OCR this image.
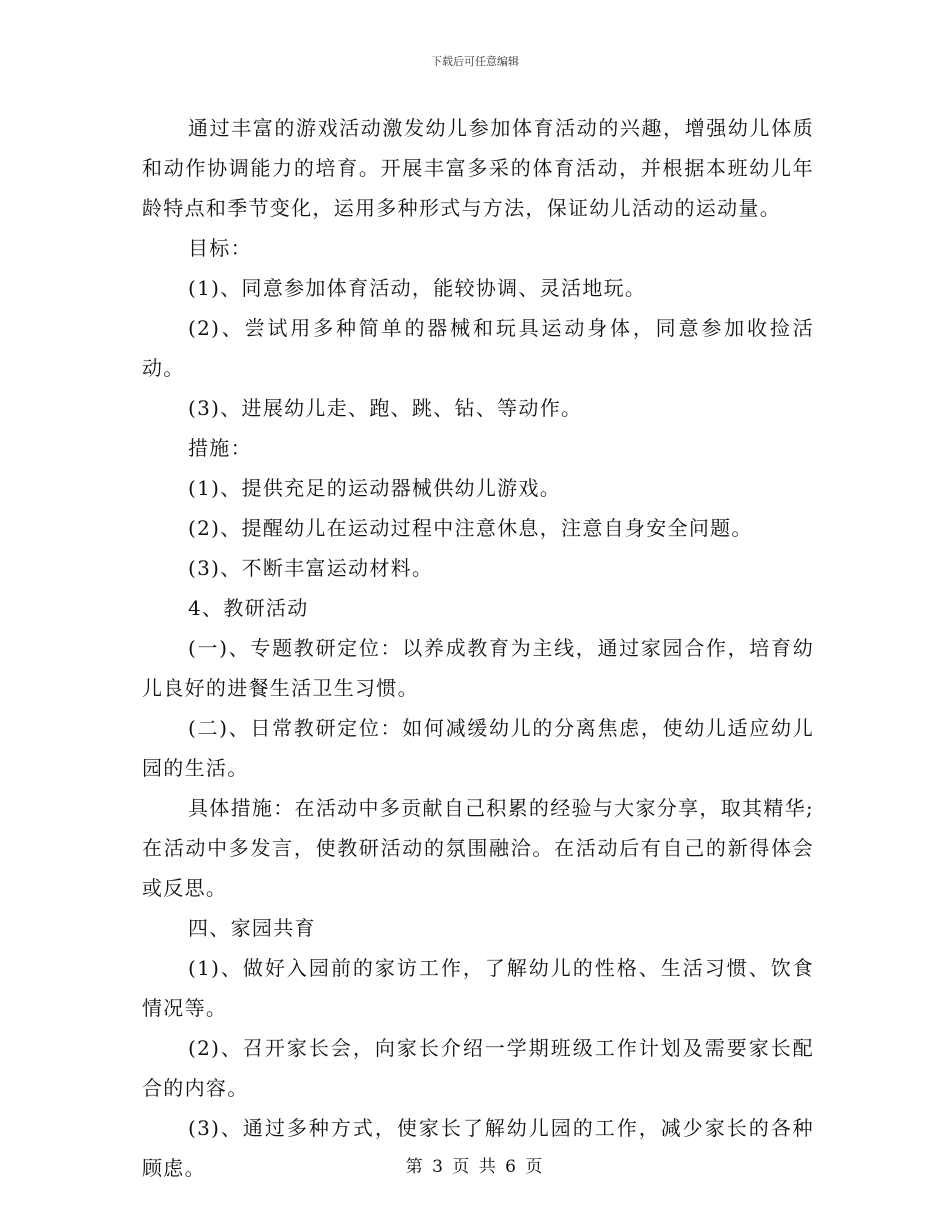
下载后可任意编辑

通过丰富的游戏活动激发幼儿参加体育活动的兴趣，增强幼儿体质和动作协调能力的培育。开展丰富多采的体育活动，并根据本班幼儿年龄特点和季节变化，运用多种形式与方法，保证幼儿活动的运动量。

目标：

(1)、同意参加体育活动，能较协调、灵活地玩。

(2)、尝试用多种简单的器械和玩具运动身体，同意参加收捡活动。

(3)、进展幼儿走、跑、跳、钻、等动作。

措施：

(1)、提供充足的运动器械供幼儿游戏。

(2)、提醒幼儿在运动过程中注意休息，注意自身安全问题。

(3)、不断丰富运动材料。

4、教研活动

(一)、专题教研定位：以养成教育为主线，通过家园合作，培育幼儿良好的进餐生活卫生习惯。

(二)、日常教研定位：如何减缓幼儿的分离焦虑，使幼儿适应幼儿园的生活。

具体措施：在活动中多贡献自己积累的经验与大家分享，取其精华;在活动中多发言，使教研活动的氛围融洽。在活动后有自己的新得体会或反思。

四、家园共育

(1)、做好入园前的家访工作，了解幼儿的性格、生活习惯、饮食情况等。

(2)、召开家长会，向家长介绍一学期班级工作计划及需要家长配合的内容。

(3)、通过多种方式，使家长了解幼儿园的工作，减少家长的各种顾虑。	第 3 页 共 6 页
